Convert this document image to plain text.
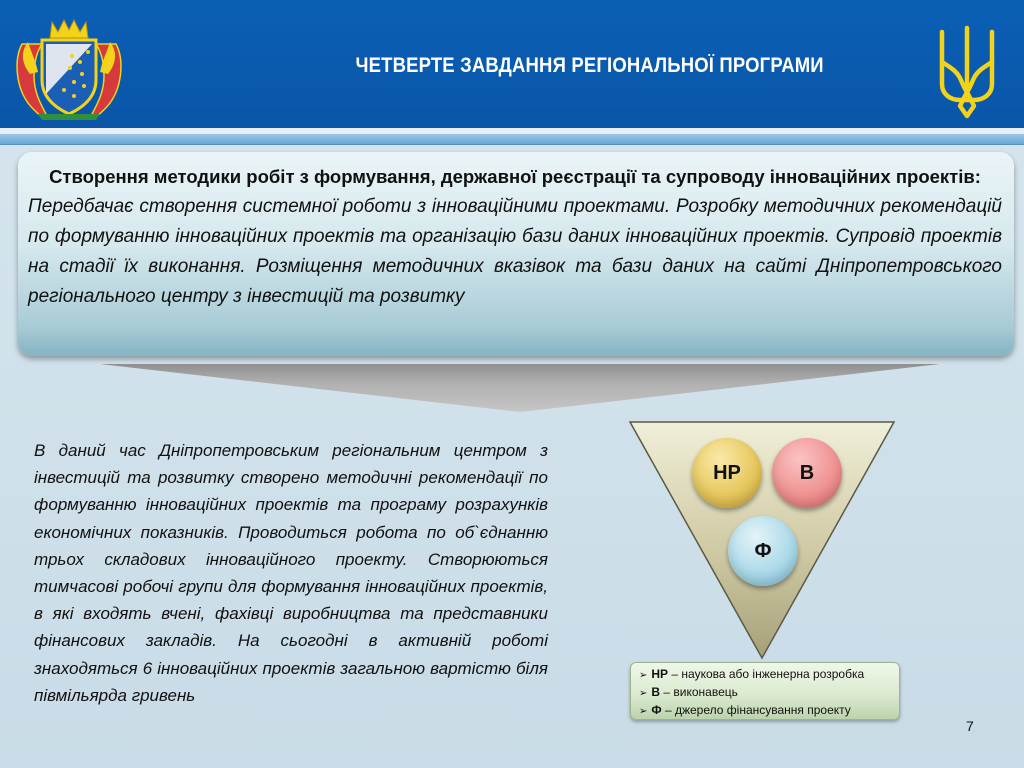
ЧЕТВЕРТЕ ЗАВДАННЯ РЕГІОНАЛЬНОЇ ПРОГРАМИ
Створення методики робіт з формування, державної реєстрації та супроводу інноваційних проектів:
Передбачає створення системної роботи з інноваційними проектами. Розробку методичних рекомендацій по формуванню інноваційних проектів та організацію бази даних інноваційних проектів. Супровід проектів на стадії їх виконання. Розміщення методичних вказівок та бази даних на сайті Дніпропетровського регіонального центру з інвестицій та розвитку
В даний час Дніпропетровським регіональним центром з інвестицій та розвитку створено методичні рекомендації по формуванню інноваційних проектів та програму розрахунків економічних показників. Проводиться робота по об`єднанню трьох складових інноваційного проекту. Створюються тимчасові робочі групи для формування інноваційних проектів, в які входять вчені, фахівці виробництва та представники фінансових закладів. На сьогодні в активній роботі знаходяться 6 інноваційних проектів загальною вартістю біля півмільярда гривень
НР	В
Ф
➢ НР – наукова або інженерна розробка
➢ В – виконавець
➢ Ф – джерело фінансування проекту
7
